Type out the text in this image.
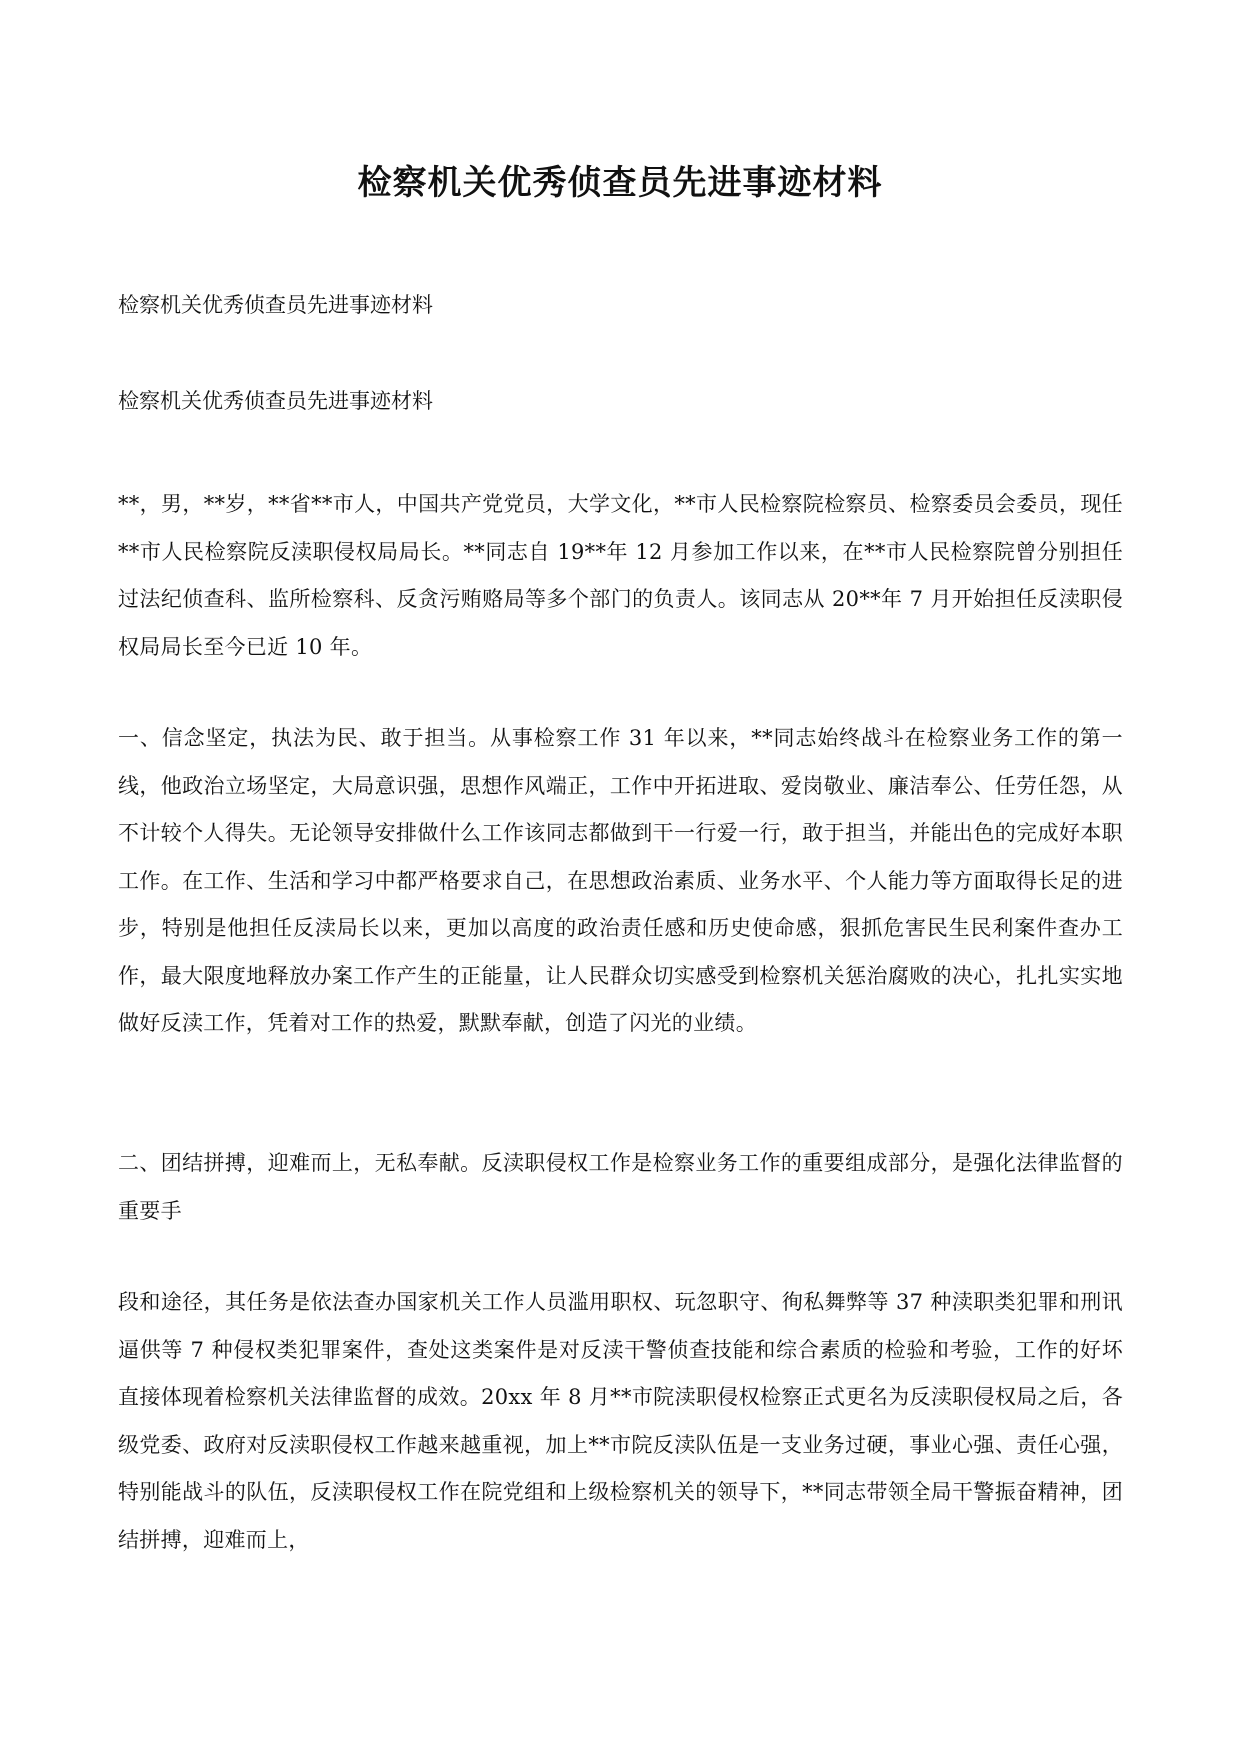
检察机关优秀侦查员先进事迹材料

检察机关优秀侦查员先进事迹材料

检察机关优秀侦查员先进事迹材料

**，男，**岁，**省**市人，中国共产党党员，大学文化，**市人民检察院检察员、检察委员会委员，现任**市人民检察院反渎职侵权局局长。**同志自 19**年 12 月参加工作以来，在**市人民检察院曾分别担任过法纪侦查科、监所检察科、反贪污贿赂局等多个部门的负责人。该同志从 20**年 7 月开始担任反渎职侵权局局长至今已近 10 年。

一、信念坚定，执法为民、敢于担当。从事检察工作 31 年以来，**同志始终战斗在检察业务工作的第一线，他政治立场坚定，大局意识强，思想作风端正，工作中开拓进取、爱岗敬业、廉洁奉公、任劳任怨，从不计较个人得失。无论领导安排做什么工作该同志都做到干一行爱一行，敢于担当，并能出色的完成好本职工作。在工作、生活和学习中都严格要求自己，在思想政治素质、业务水平、个人能力等方面取得长足的进步，特别是他担任反渎局长以来，更加以高度的政治责任感和历史使命感，狠抓危害民生民利案件查办工作，最大限度地释放办案工作产生的正能量，让人民群众切实感受到检察机关惩治腐败的决心，扎扎实实地做好反渎工作，凭着对工作的热爱，默默奉献，创造了闪光的业绩。

二、团结拼搏，迎难而上，无私奉献。反渎职侵权工作是检察业务工作的重要组成部分，是强化法律监督的重要手

段和途径，其任务是依法查办国家机关工作人员滥用职权、玩忽职守、徇私舞弊等 37 种渎职类犯罪和刑讯逼供等 7 种侵权类犯罪案件，查处这类案件是对反渎干警侦查技能和综合素质的检验和考验，工作的好坏直接体现着检察机关法律监督的成效。20xx 年 8 月**市院渎职侵权检察正式更名为反渎职侵权局之后，各级党委、政府对反渎职侵权工作越来越重视，加上**市院反渎队伍是一支业务过硬，事业心强、责任心强，特别能战斗的队伍，反渎职侵权工作在院党组和上级检察机关的领导下，**同志带领全局干警振奋精神，团结拼搏，迎难而上，
